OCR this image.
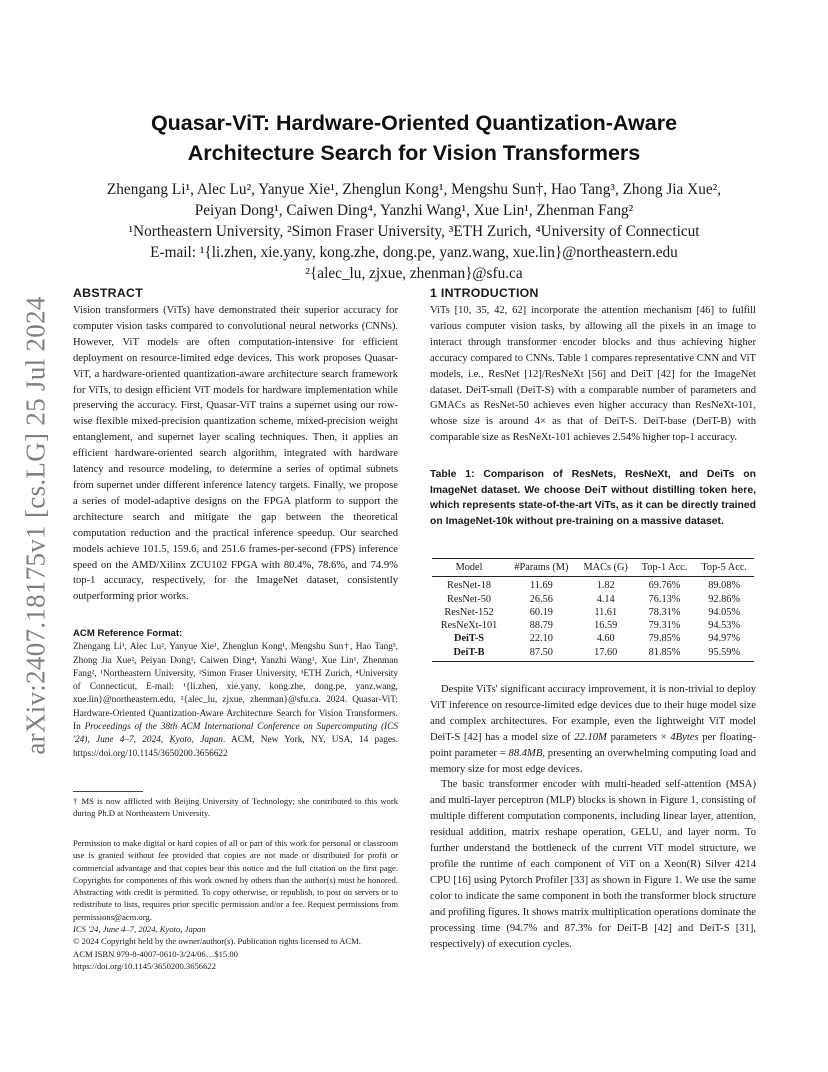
arXiv:2407.18175v1 [cs.LG] 25 Jul 2024
Quasar-ViT: Hardware-Oriented Quantization-Aware
Architecture Search for Vision Transformers
Zhengang Li¹, Alec Lu², Yanyue Xie¹, Zhenglun Kong¹, Mengshu Sun†, Hao Tang³, Zhong Jia Xue²,
Peiyan Dong¹, Caiwen Ding⁴, Yanzhi Wang¹, Xue Lin¹, Zhenman Fang²
¹Northeastern University, ²Simon Fraser University, ³ETH Zurich, ⁴University of Connecticut
E-mail: ¹{li.zhen, xie.yany, kong.zhe, dong.pe, yanz.wang, xue.lin}@northeastern.edu
²{alec_lu, zjxue, zhenman}@sfu.ca
ABSTRACT

Vision transformers (ViTs) have demonstrated their superior accuracy for computer vision tasks compared to convolutional neural networks (CNNs). However, ViT models are often computation-intensive for efficient deployment on resource-limited edge devices. This work proposes Quasar-ViT, a hardware-oriented quantization-aware architecture search framework for ViTs, to design efficient ViT models for hardware implementation while preserving the accuracy. First, Quasar-ViT trains a supernet using our row-wise flexible mixed-precision quantization scheme, mixed-precision weight entanglement, and supernet layer scaling techniques. Then, it applies an efficient hardware-oriented search algorithm, integrated with hardware latency and resource modeling, to determine a series of optimal subnets from supernet under different inference latency targets. Finally, we propose a series of model-adaptive designs on the FPGA platform to support the architecture search and mitigate the gap between the theoretical computation reduction and the practical inference speedup. Our searched models achieve 101.5, 159.6, and 251.6 frames-per-second (FPS) inference speed on the AMD/Xilinx ZCU102 FPGA with 80.4%, 78.6%, and 74.9% top-1 accuracy, respectively, for the ImageNet dataset, consistently outperforming prior works.

ACM Reference Format:

Zhengang Li¹, Alec Lu², Yanyue Xie¹, Zhenglun Kong¹, Mengshu Sun†, Hao Tang³, Zhong Jia Xue², Peiyan Dong¹, Caiwen Ding⁴, Yanzhi Wang¹, Xue Lin¹, Zhenman Fang², ¹Northeastern University, ²Simon Fraser University, ³ETH Zurich, ⁴University of Connecticut, E-mail: ¹{li.zhen, xie.yany, kong.zhe, dong.pe, yanz.wang, xue.lin}@northeastern.edu, ²{alec_lu, zjxue, zhenman}@sfu.ca. 2024. Quasar-ViT: Hardware-Oriented Quantization-Aware Architecture Search for Vision Transformers. In Proceedings of the 38th ACM International Conference on Supercomputing (ICS '24), June 4–7, 2024, Kyoto, Japan. ACM, New York, NY, USA, 14 pages. https://doi.org/10.1145/3650200.3656622

† MS is now afflicted with Beijing University of Technology; she contributed to this work during Ph.D at Northeastern University.

Permission to make digital or hard copies of all or part of this work for personal or classroom use is granted without fee provided that copies are not made or distributed for profit or commercial advantage and that copies bear this notice and the full citation on the first page. Copyrights for components of this work owned by others than the author(s) must be honored. Abstracting with credit is permitted. To copy otherwise, or republish, to post on servers or to redistribute to lists, requires prior specific permission and/or a fee. Request permissions from permissions@acm.org.

ICS '24, June 4–7, 2024, Kyoto, Japan
© 2024 Copyright held by the owner/author(s). Publication rights licensed to ACM.
ACM ISBN 979-8-4007-0610-3/24/06…$15.00
https://doi.org/10.1145/3650200.3656622
1 INTRODUCTION

ViTs [10, 35, 42, 62] incorporate the attention mechanism [46] to fulfill various computer vision tasks, by allowing all the pixels in an image to interact through transformer encoder blocks and thus achieving higher accuracy compared to CNNs. Table 1 compares representative CNN and ViT models, i.e., ResNet [12]/ResNeXt [56] and DeiT [42] for the ImageNet dataset. DeiT-small (DeiT-S) with a comparable number of parameters and GMACs as ResNet-50 achieves even higher accuracy than ResNeXt-101, whose size is around 4× as that of DeiT-S. DeiT-base (DeiT-B) with comparable size as ResNeXt-101 achieves 2.54% higher top-1 accuracy.

Table 1: Comparison of ResNets, ResNeXt, and DeiTs on ImageNet dataset. We choose DeiT without distilling token here, which represents state-of-the-art ViTs, as it can be directly trained on ImageNet-10k without pre-training on a massive dataset.

Model	#Params (M)	MACs (G)	Top-1 Acc.	Top-5 Acc.
ResNet-18	11.69	1.82	69.76%	89.08%
ResNet-50	26.56	4.14	76.13%	92.86%
ResNet-152	60.19	11.61	78.31%	94.05%
ResNeXt-101	88.79	16.59	79.31%	94.53%
DeiT-S	22.10	4.60	79.85%	94.97%
DeiT-B	87.50	17.60	81.85%	95.59%

Despite ViTs' significant accuracy improvement, it is non-trivial to deploy ViT inference on resource-limited edge devices due to their huge model size and complex architectures. For example, even the lightweight ViT model DeiT-S [42] has a model size of 22.10M parameters × 4Bytes per floating-point parameter = 88.4MB, presenting an overwhelming computing load and memory size for most edge devices.

The basic transformer encoder with multi-headed self-attention (MSA) and multi-layer perceptron (MLP) blocks is shown in Figure 1, consisting of multiple different computation components, including linear layer, attention, residual addition, matrix reshape operation, GELU, and layer norm. To further understand the bottleneck of the current ViT model structure, we profile the runtime of each component of ViT on a Xeon(R) Silver 4214 CPU [16] using Pytorch Profiler [33] as shown in Figure 1. We use the same color to indicate the same component in both the transformer block structure and profiling figures. It shows matrix multiplication operations dominate the processing time (94.7% and 87.3% for DeiT-B [42] and DeiT-S [31], respectively) of execution cycles.
